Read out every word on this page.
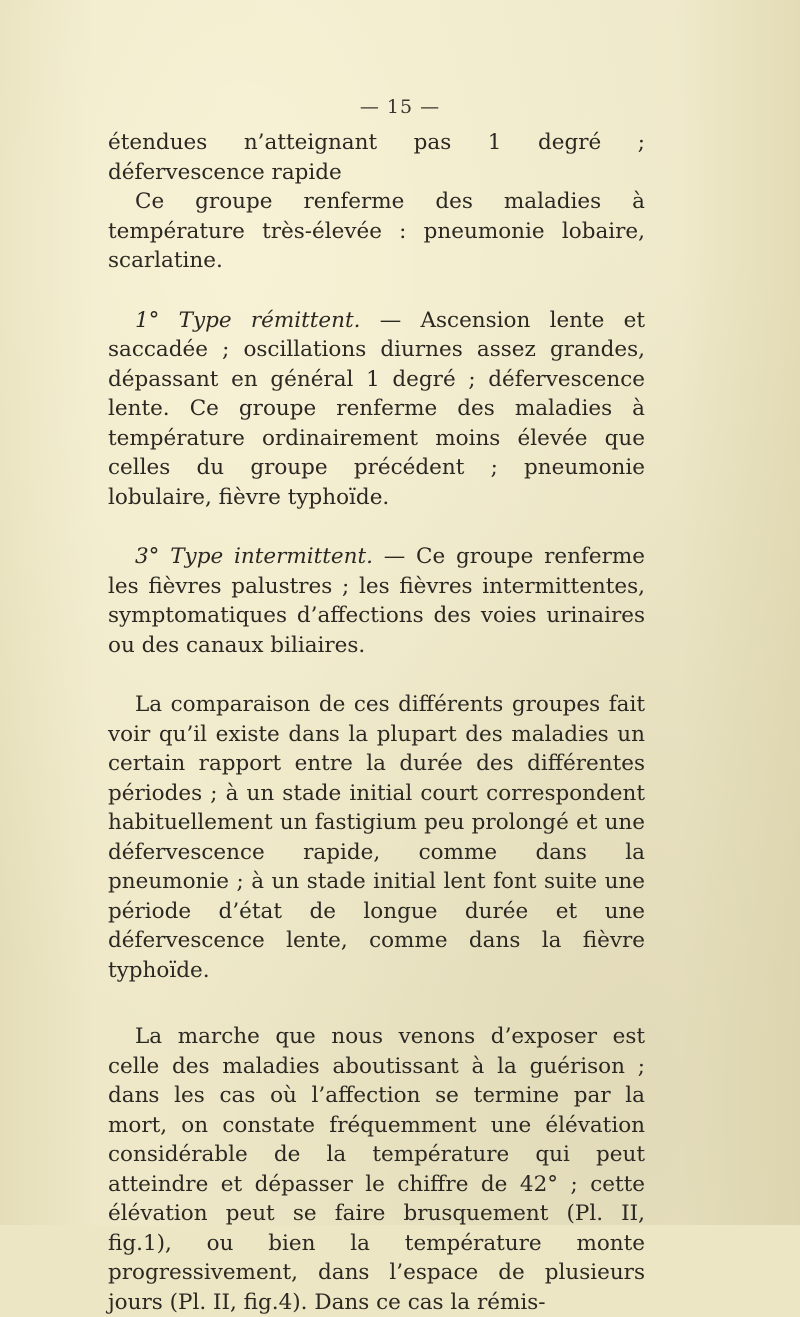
— 15 —

étendues n’atteignant pas 1 degré ; défervescence rapide

Ce groupe renferme des maladies à température très-élevée : pneumonie lobaire, scarlatine.

1° Type rémittent. — Ascension lente et saccadée ; oscillations diurnes assez grandes, dépassant en général 1 degré ; défervescence lente. Ce groupe renferme des maladies à température ordinairement moins élevée que celles du groupe précédent ; pneumonie lobulaire, fièvre typhoïde.

3° Type intermittent. — Ce groupe renferme les fièvres palustres ; les fièvres intermittentes, symptomatiques d’affections des voies urinaires ou des canaux biliaires.

La comparaison de ces différents groupes fait voir qu’il existe dans la plupart des maladies un certain rapport entre la durée des différentes périodes ; à un stade initial court correspondent habituellement un fastigium peu prolongé et une défervescence rapide, comme dans la pneumonie ; à un stade initial lent font suite une période d’état de longue durée et une défervescence lente, comme dans la fièvre typhoïde.

La marche que nous venons d’exposer est celle des maladies aboutissant à la guérison ; dans les cas où l’affection se termine par la mort, on constate fréquemment une élévation considérable de la température qui peut atteindre et dépasser le chiffre de 42° ; cette élévation peut se faire brusquement (Pl. II, fig.1), ou bien la température monte progressivement, dans l’espace de plusieurs jours (Pl. II, fig.4). Dans ce cas la rémis-
